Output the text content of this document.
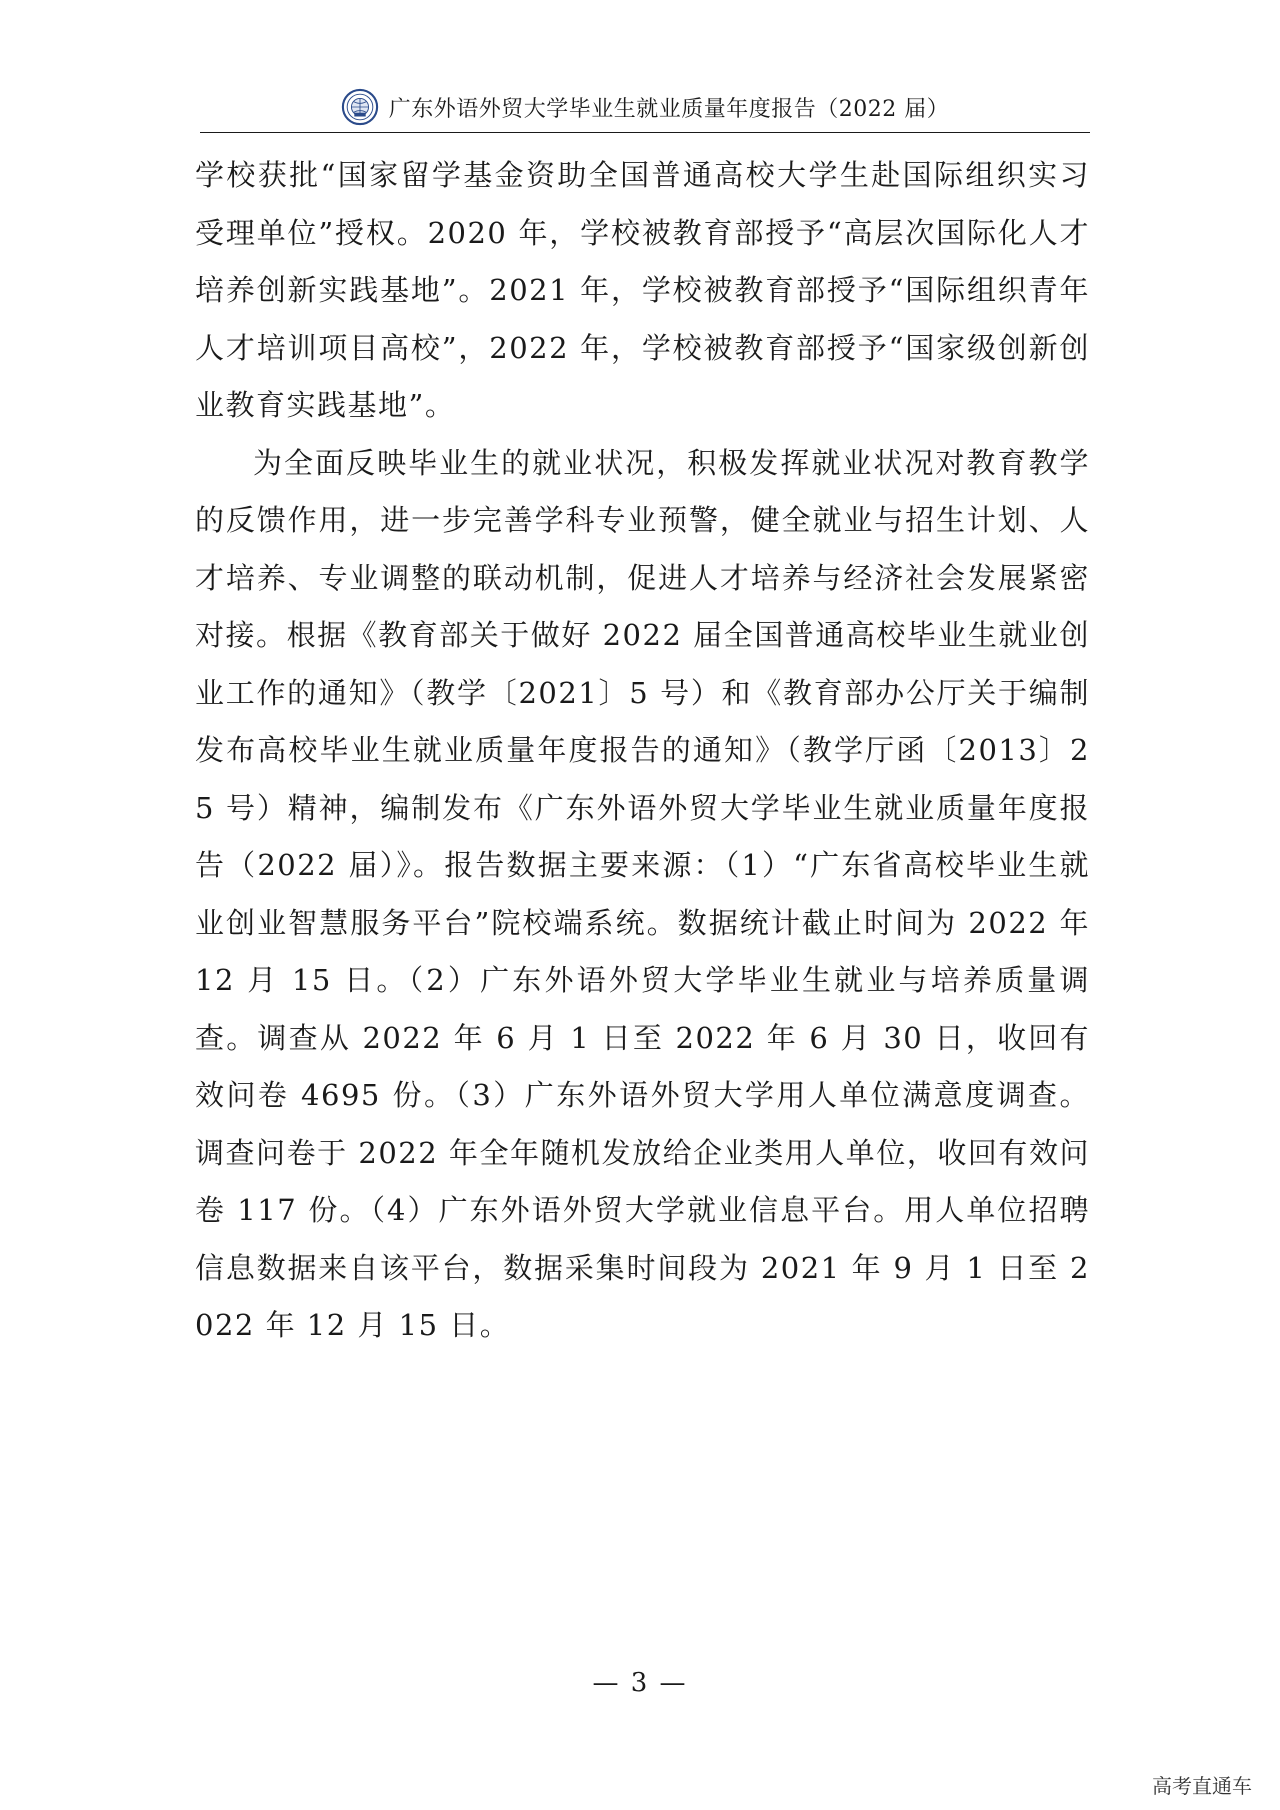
广东外语外贸大学毕业生就业质量年度报告（2022 届）

学校获批“国家留学基金资助全国普通高校大学生赴国际组织实习受理单位”授权。2020 年，学校被教育部授予“高层次国际化人才培养创新实践基地”。2021 年，学校被教育部授予“国际组织青年人才培训项目高校”，2022 年，学校被教育部授予“国家级创新创业教育实践基地”。

为全面反映毕业生的就业状况，积极发挥就业状况对教育教学的反馈作用，进一步完善学科专业预警，健全就业与招生计划、人才培养、专业调整的联动机制，促进人才培养与经济社会发展紧密对接。根据《教育部关于做好 2022 届全国普通高校毕业生就业创业工作的通知》（教学〔2021〕5 号）和《教育部办公厅关于编制发布高校毕业生就业质量年度报告的通知》（教学厅函〔2013〕25 号）精神，编制发布《广东外语外贸大学毕业生就业质量年度报告（2022 届）》。报告数据主要来源：（1）“广东省高校毕业生就业创业智慧服务平台”院校端系统。数据统计截止时间为 2022 年 12 月 15 日。（2）广东外语外贸大学毕业生就业与培养质量调查。调查从 2022 年 6 月 1 日至 2022 年 6 月 30 日，收回有效问卷 4695 份。（3）广东外语外贸大学用人单位满意度调查。调查问卷于 2022 年全年随机发放给企业类用人单位，收回有效问卷 117 份。（4）广东外语外贸大学就业信息平台。用人单位招聘信息数据来自该平台，数据采集时间段为 2021 年 9 月 1 日至 2022 年 12 月 15 日。

— 3 —
高考直通车
